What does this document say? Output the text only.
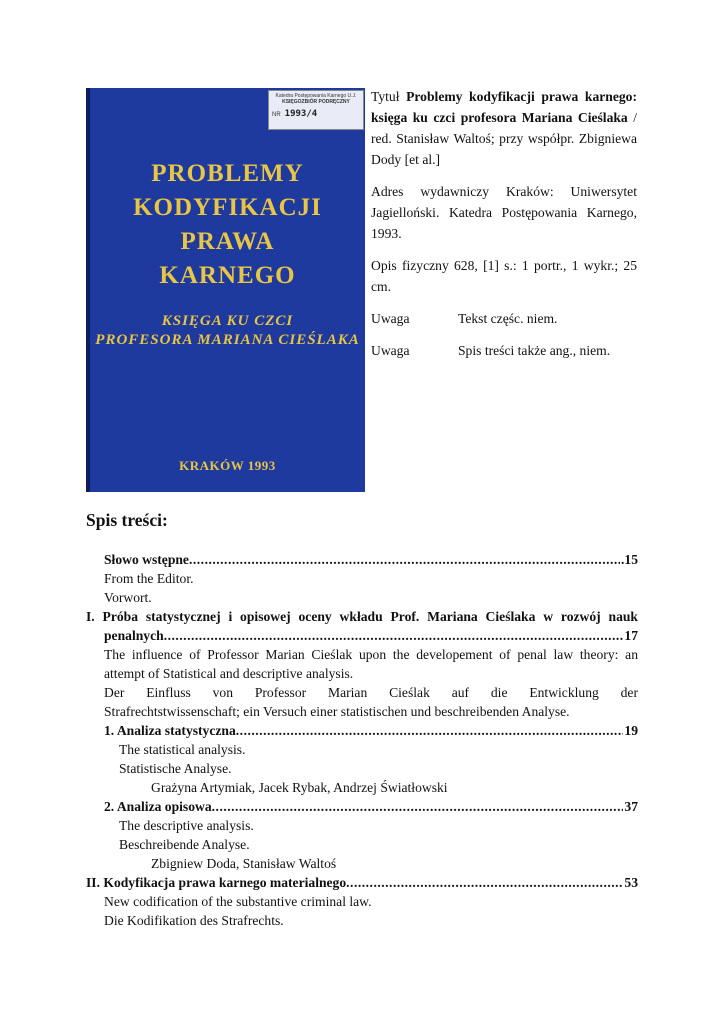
Katedra Postępowania Karnego U.J.
KSIĘGOZBIÓR PODRĘCZNY
NR 1993/4
PROBLEMY
KODYFIKACJI
PRAWA
KARNEGO
KSIĘGA KU CZCI
PROFESORA MARIANA CIEŚLAKA
KRAKÓW 1993

Tytuł Problemy kodyfikacji prawa karnego: księga ku czci profesora Mariana Cieślaka / red. Stanisław Waltoś; przy współpr. Zbigniewa Dody [et al.]

Adres wydawniczy Kraków: Uniwersytet Jagielloński. Katedra Postępowania Karnego, 1993.

Opis fizyczny 628, [1] s.: 1 portr., 1 wykr.; 25 cm.

Uwaga	Tekst częśc. niem.
Uwaga	Spis treści także ang., niem.
Spis treści:
Słowo wstępne .....	.15
From the Editor.
Vorwort.
I. Próba statystycznej i opisowej oceny wkładu Prof. Mariana Cieślaka w rozwój nauk
penalnych .....	17
The influence of Professor Marian Cieślak upon the developement of penal law theory: an
attempt of Statistical and descriptive analysis.
Der Einfluss von Professor Marian Cieślak auf die Entwicklung der
Strafrechtstwissenschaft; ein Versuch einer statistischen und beschreibenden Analyse.
1. Analiza statystyczna .....	19
The statistical analysis.
Statistische Analyse.
Grażyna Artymiak, Jacek Rybak, Andrzej Światłowski
2. Analiza opisowa .....	37
The descriptive analysis.
Beschreibende Analyse.
Zbigniew Doda, Stanisław Waltoś
II. Kodyfikacja prawa karnego materialnego .....	53
New codification of the substantive criminal law.
Die Kodifikation des Strafrechts.
